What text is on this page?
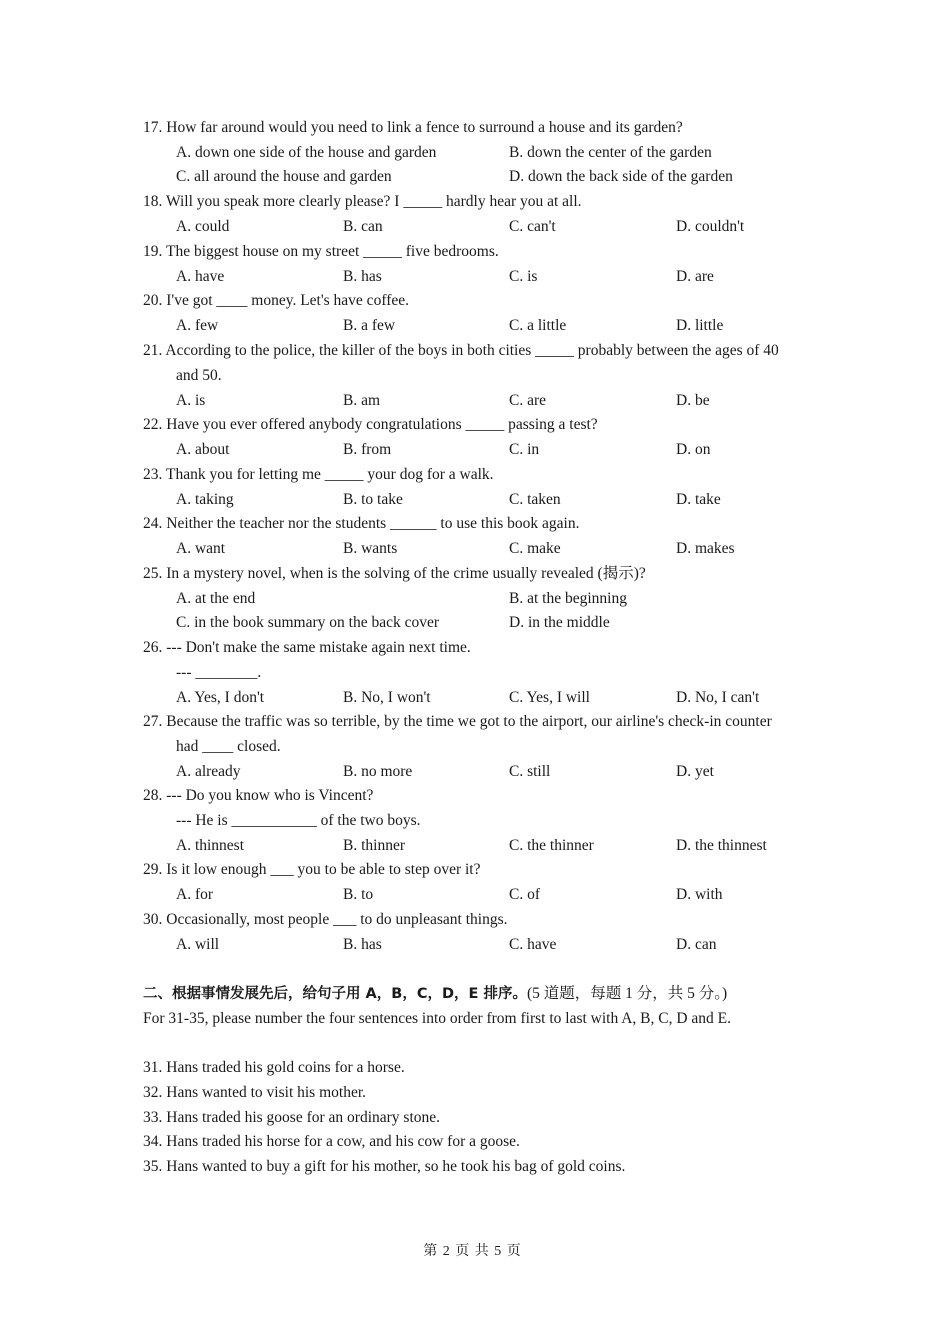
17. How far around would you need to link a fence to surround a house and its garden?
A. down one side of the house and garden	B. down the center of the garden
C. all around the house and garden	D. down the back side of the garden
18. Will you speak more clearly please? I _____ hardly hear you at all.
A. could	B. can	C. can't	D. couldn't
19. The biggest house on my street _____ five bedrooms.
A. have	B. has	C. is	D. are
20. I've got ____ money. Let's have coffee.
A. few	B. a few	C. a little	D. little
21. According to the police, the killer of the boys in both cities _____ probably between the ages of 40
and 50.
A. is	B. am	C. are	D. be
22. Have you ever offered anybody congratulations _____ passing a test?
A. about	B. from	C. in	D. on
23. Thank you for letting me _____ your dog for a walk.
A. taking	B. to take	C. taken	D. take
24. Neither the teacher nor the students ______ to use this book again.
A. want	B. wants	C. make	D. makes
25. In a mystery novel, when is the solving of the crime usually revealed (揭示)?
A. at the end	B. at the beginning
C. in the book summary on the back cover	D. in the middle
26. --- Don't make the same mistake again next time.
--- ________.
A. Yes, I don't	B. No, I won't	C. Yes, I will	D. No, I can't
27. Because the traffic was so terrible, by the time we got to the airport, our airline's check-in counter
had ____ closed.
A. already	B. no more	C. still	D. yet
28. --- Do you know who is Vincent?
--- He is ___________ of the two boys.
A. thinnest	B. thinner	C. the thinner	D. the thinnest
29. Is it low enough ___ you to be able to step over it?
A. for	B. to	C. of	D. with
30. Occasionally, most people ___ to do unpleasant things.
A. will	B. has	C. have	D. can
二、根据事情发展先后，给句子用 A，B，C，D，E 排序。(5 道题，每题 1 分，共 5 分。)
For 31-35, please number the four sentences into order from first to last with A, B, C, D and E.
31. Hans traded his gold coins for a horse.
32. Hans wanted to visit his mother.
33. Hans traded his goose for an ordinary stone.
34. Hans traded his horse for a cow, and his cow for a goose.
35. Hans wanted to buy a gift for his mother, so he took his bag of gold coins.
第 2 页 共 5 页
